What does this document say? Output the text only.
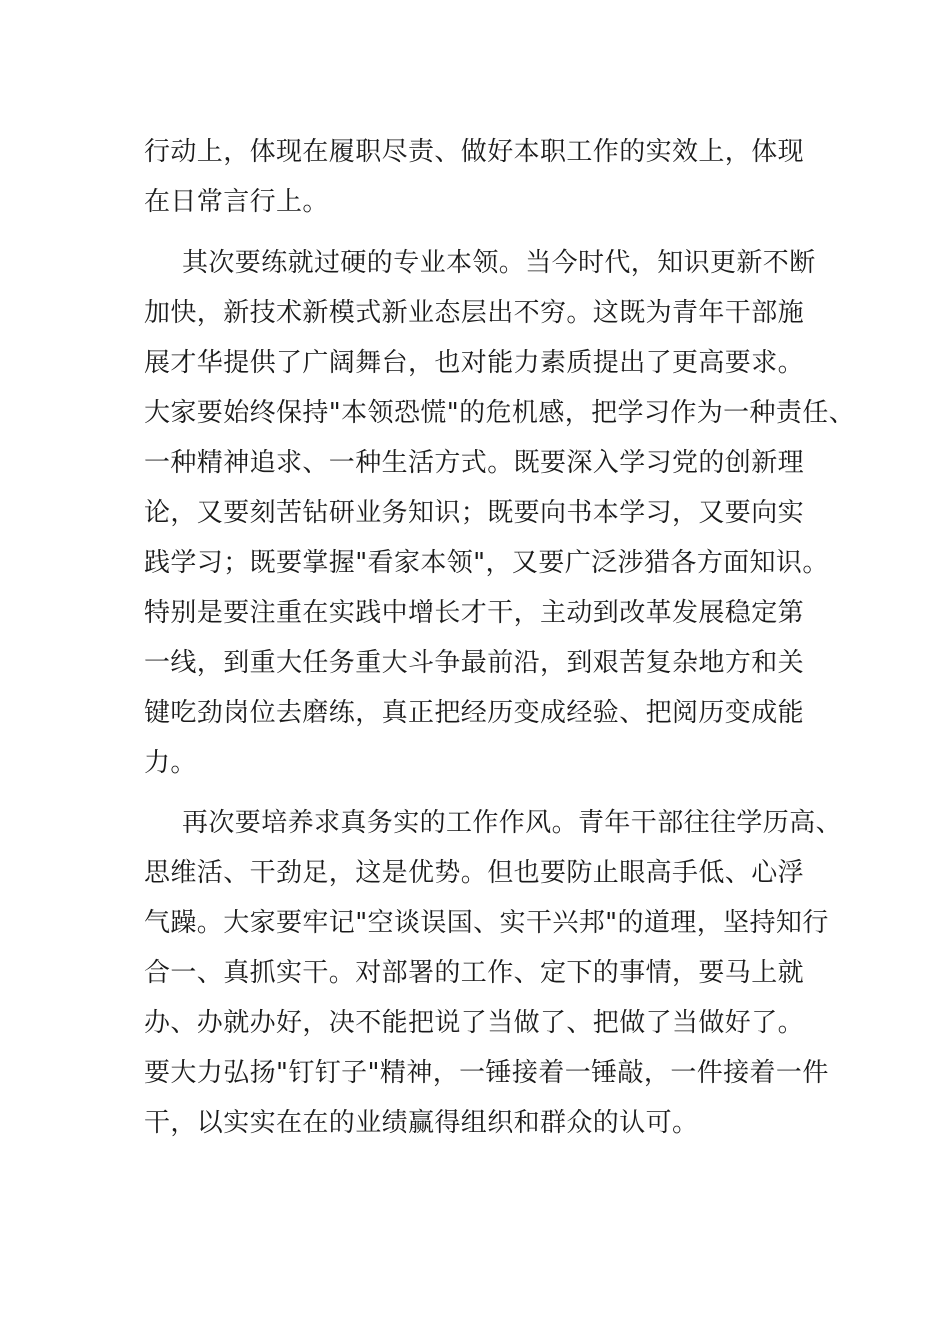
行动上，体现在履职尽责、做好本职工作的实效上，体现
在日常言行上。
其次要练就过硬的专业本领。当今时代，知识更新不断
加快，新技术新模式新业态层出不穷。这既为青年干部施
展才华提供了广阔舞台，也对能力素质提出了更高要求。
大家要始终保持"本领恐慌"的危机感，把学习作为一种责任、
一种精神追求、一种生活方式。既要深入学习党的创新理
论，又要刻苦钻研业务知识；既要向书本学习，又要向实
践学习；既要掌握"看家本领"，又要广泛涉猎各方面知识。
特别是要注重在实践中增长才干，主动到改革发展稳定第
一线，到重大任务重大斗争最前沿，到艰苦复杂地方和关
键吃劲岗位去磨练，真正把经历变成经验、把阅历变成能
力。
再次要培养求真务实的工作作风。青年干部往往学历高、
思维活、干劲足，这是优势。但也要防止眼高手低、心浮
气躁。大家要牢记"空谈误国、实干兴邦"的道理，坚持知行
合一、真抓实干。对部署的工作、定下的事情，要马上就
办、办就办好，决不能把说了当做了、把做了当做好了。
要大力弘扬"钉钉子"精神，一锤接着一锤敲，一件接着一件
干，以实实在在的业绩赢得组织和群众的认可。
